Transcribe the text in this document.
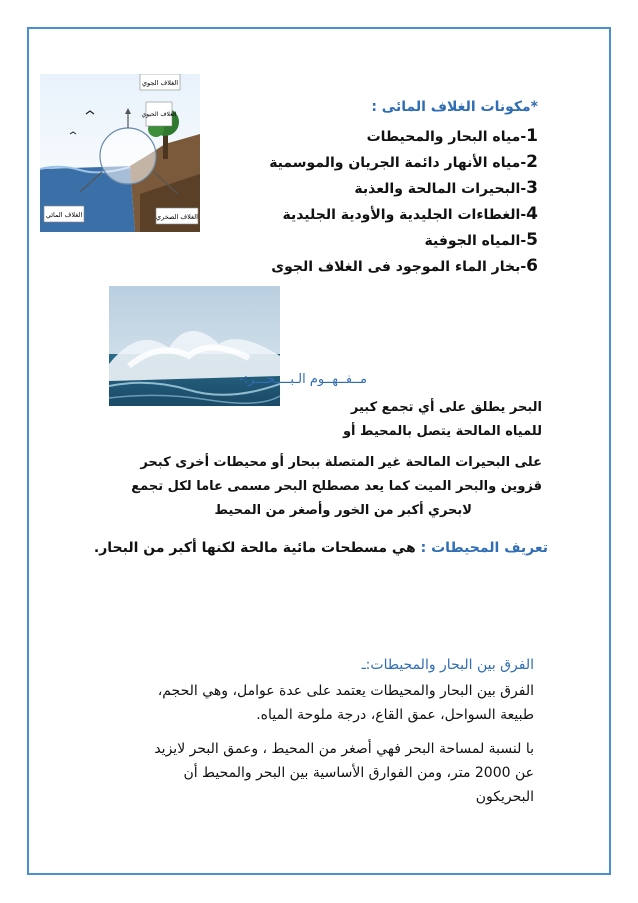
الغلاف الجوي
الغلاف الحيوي
الغلاف المائي	الغلاف الصخري
*مكونات الغلاف المائى :
1-مياه البحار والمحيطات
2-مياه الأنهار دائمة الجريان والموسمية
3-البحيرات المالحة والعذبة
4-الغطاءات الجليدية والأودية الجليدية
5-المياه الجوفية
6-بخار الماء الموجود فى الغلاف الجوى
مــفــهــوم الـبــــحـــر:-
البحر يطلق على أي تجمع كبير
للمياه المالحة يتصل بالمحيط أو
على البحيرات المالحة غير المتصلة ببحار أو محيطات أخرى كبحر
قزوين والبحر الميت كما يعد مصطلح البحر مسمى عاما لكل تجمع
لابحري أكبر من الخور وأصغر من المحيط
تعريف المحيطات : هي مسطحات مائية مالحة لكنها أكبر من البحار.
الفرق بين البحار والمحيطات:ـ

الفرق بين البحار والمحيطات يعتمد على عدة عوامل، وهي الحجم،

طبيعة السواحل، عمق القاع، درجة ملوحة المياه.

با لنسبة لمساحة البحر فهي أصغر من المحيط ، وعمق البحر لايزيد

عن 2000 متر، ومن الفوارق الأساسية بين البحر والمحيط أن

البحريكون
